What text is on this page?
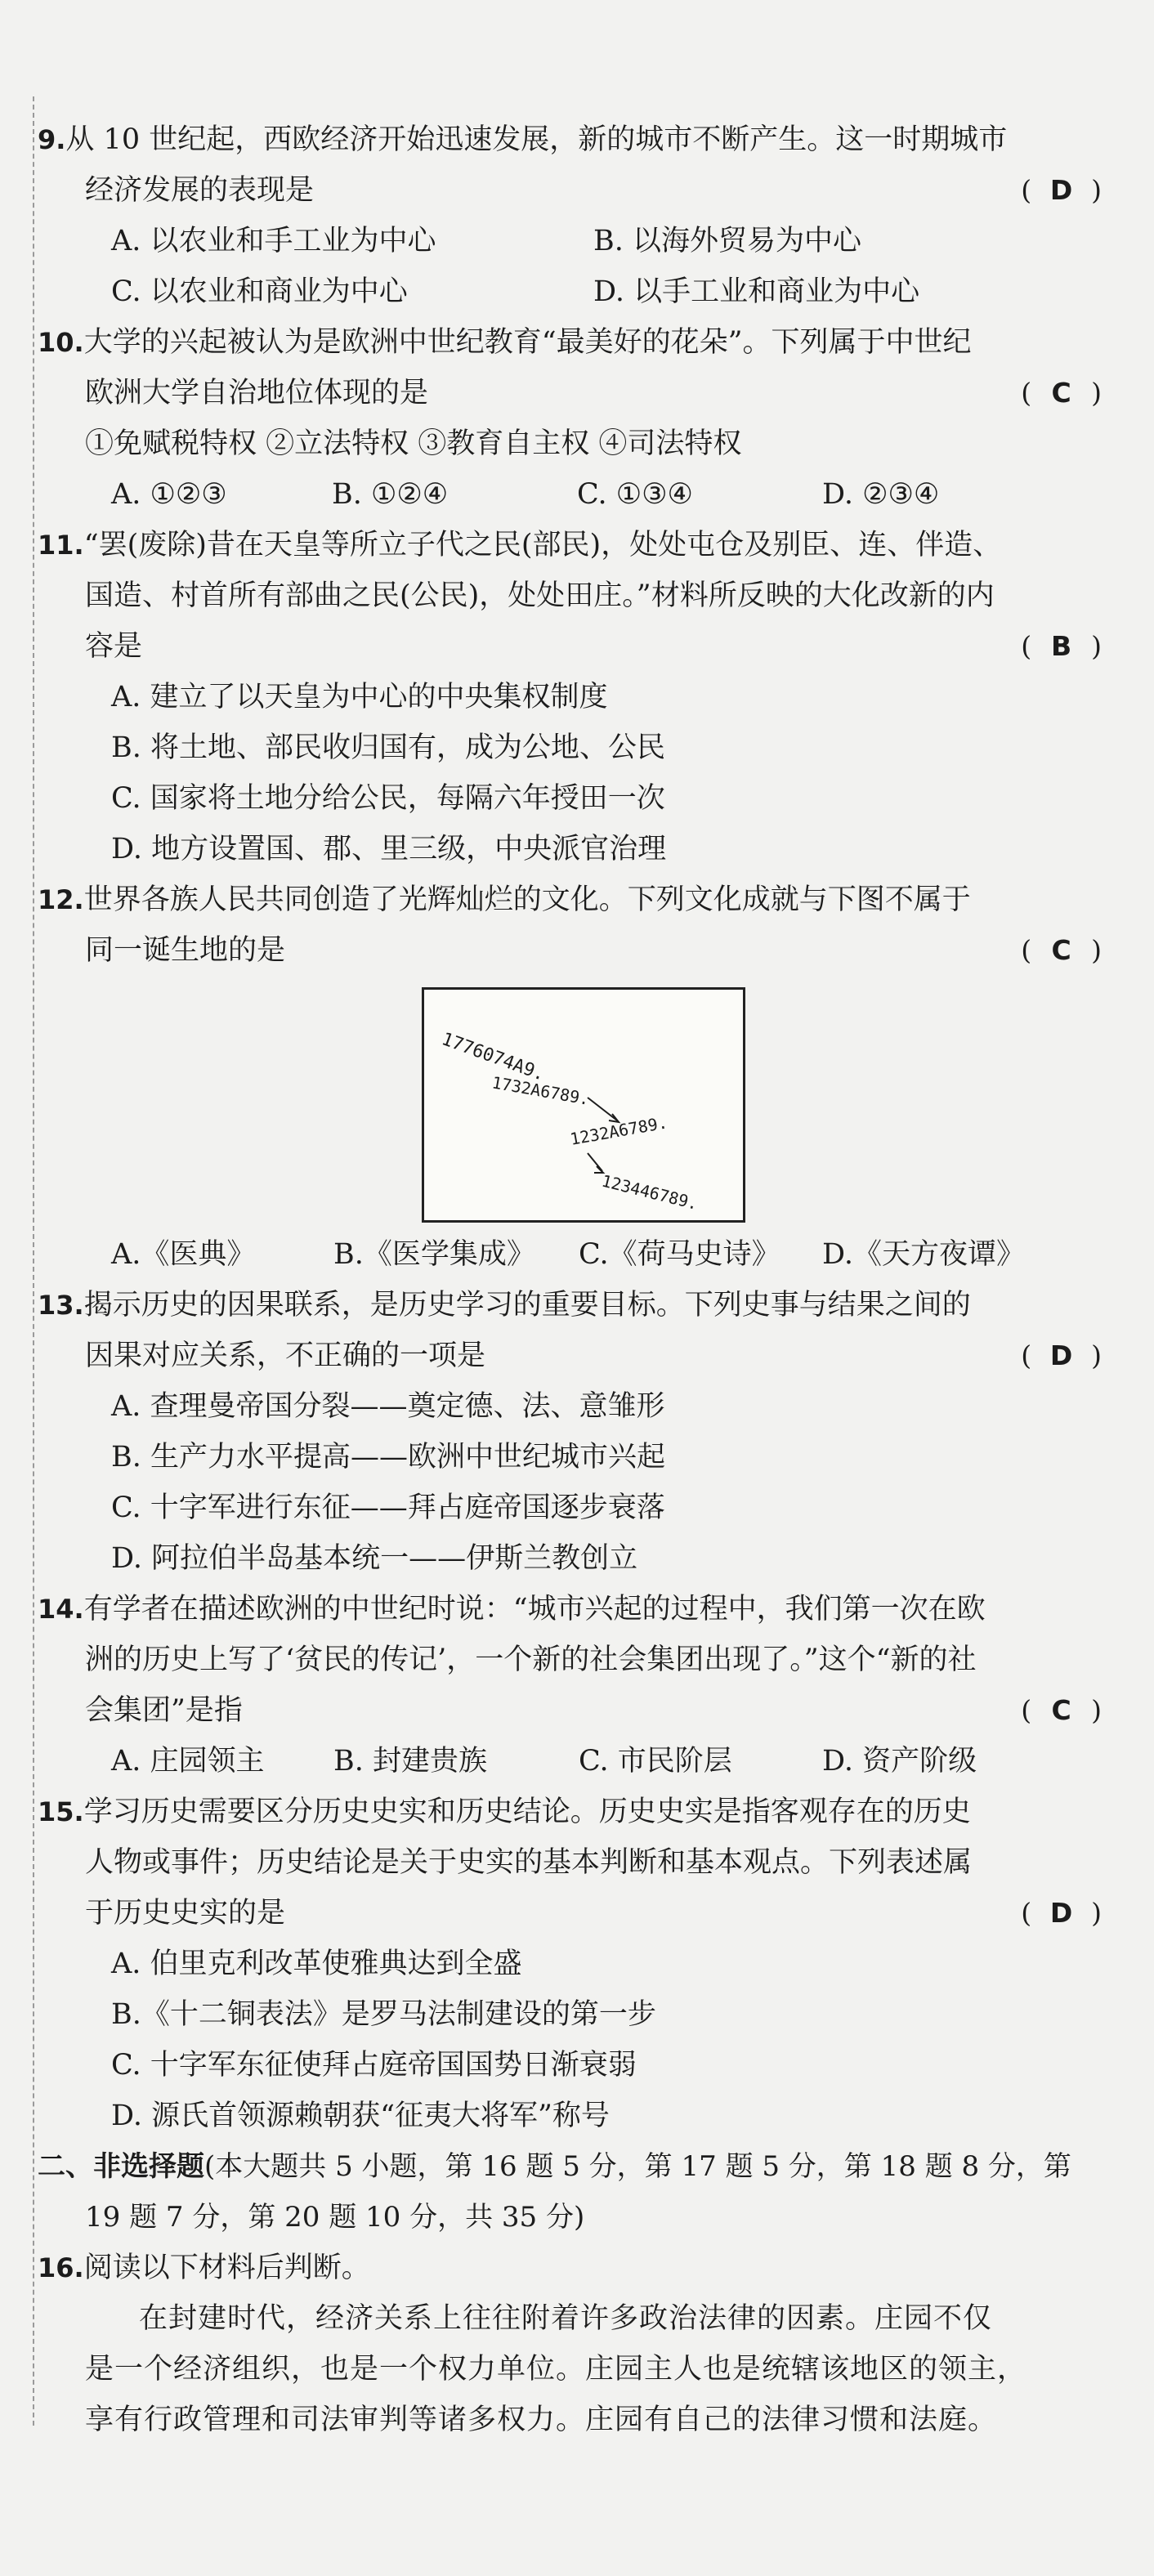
9.从 10 世纪起，西欧经济开始迅速发展，新的城市不断产生。这一时期城市
经济发展的表现是	( D )
A. 以农业和手工业为中心	B. 以海外贸易为中心
C. 以农业和商业为中心	D. 以手工业和商业为中心
10.大学的兴起被认为是欧洲中世纪教育“最美好的花朵”。下列属于中世纪
欧洲大学自治地位体现的是	( C )
①免赋税特权 ②立法特权 ③教育自主权 ④司法特权
A. ①②③	B. ①②④	C. ①③④	D. ②③④
11.“罢(废除)昔在天皇等所立子代之民(部民)，处处屯仓及别臣、连、伴造、
国造、村首所有部曲之民(公民)，处处田庄。”材料所反映的大化改新的内
容是	( B )
A. 建立了以天皇为中心的中央集权制度
B. 将土地、部民收归国有，成为公地、公民
C. 国家将土地分给公民，每隔六年授田一次
D. 地方设置国、郡、里三级，中央派官治理
12.世界各族人民共同创造了光辉灿烂的文化。下列文化成就与下图不属于
同一诞生地的是	( C )
1776074A9.
1732A6789.
1232A6789.
123446789.
A.《医典》	B.《医学集成》	C.《荷马史诗》	D.《天方夜谭》
13.揭示历史的因果联系，是历史学习的重要目标。下列史事与结果之间的
因果对应关系，不正确的一项是	( D )
A. 查理曼帝国分裂——奠定德、法、意雏形
B. 生产力水平提高——欧洲中世纪城市兴起
C. 十字军进行东征——拜占庭帝国逐步衰落
D. 阿拉伯半岛基本统一——伊斯兰教创立
14.有学者在描述欧洲的中世纪时说：“城市兴起的过程中，我们第一次在欧
洲的历史上写了‘贫民的传记’，一个新的社会集团出现了。”这个“新的社
会集团”是指	( C )
A. 庄园领主	B. 封建贵族	C. 市民阶层	D. 资产阶级
15.学习历史需要区分历史史实和历史结论。历史史实是指客观存在的历史
人物或事件；历史结论是关于史实的基本判断和基本观点。下列表述属
于历史史实的是	( D )
A. 伯里克利改革使雅典达到全盛
B.《十二铜表法》是罗马法制建设的第一步
C. 十字军东征使拜占庭帝国国势日渐衰弱
D. 源氏首领源赖朝获“征夷大将军”称号
二、非选择题(本大题共 5 小题，第 16 题 5 分，第 17 题 5 分，第 18 题 8 分，第
19 题 7 分，第 20 题 10 分，共 35 分)
16.阅读以下材料后判断。
在封建时代，经济关系上往往附着许多政治法律的因素。庄园不仅
是一个经济组织，也是一个权力单位。庄园主人也是统辖该地区的领主，
享有行政管理和司法审判等诸多权力。庄园有自己的法律习惯和法庭。
